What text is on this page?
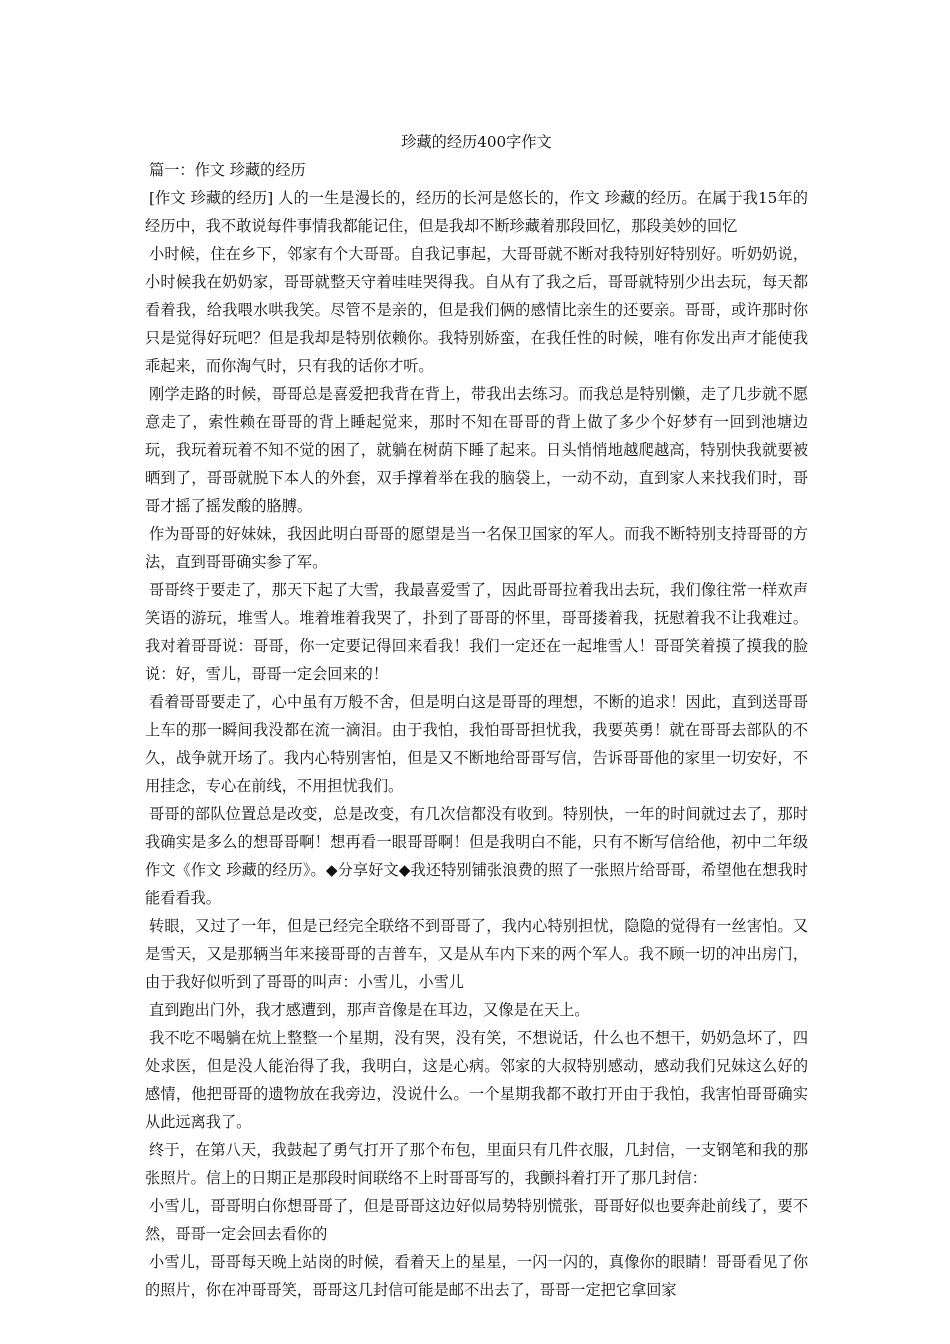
珍藏的经历400字作文

篇一：作文 珍藏的经历

[作文 珍藏的经历] 人的一生是漫长的，经历的长河是悠长的，作文 珍藏的经历。在属于我15年的经历中，我不敢说每件事情我都能记住，但是我却不断珍藏着那段回忆，那段美妙的回忆

小时候，住在乡下，邻家有个大哥哥。自我记事起，大哥哥就不断对我特别好特别好。听奶奶说，小时候我在奶奶家，哥哥就整天守着哇哇哭得我。自从有了我之后，哥哥就特别少出去玩，每天都看着我，给我喂水哄我笑。尽管不是亲的，但是我们俩的感情比亲生的还要亲。哥哥，或许那时你只是觉得好玩吧？但是我却是特别依赖你。我特别娇蛮，在我任性的时候，唯有你发出声才能使我乖起来，而你淘气时，只有我的话你才听。

刚学走路的时候，哥哥总是喜爱把我背在背上，带我出去练习。而我总是特别懒，走了几步就不愿意走了，索性赖在哥哥的背上睡起觉来，那时不知在哥哥的背上做了多少个好梦有一回到池塘边玩，我玩着玩着不知不觉的困了，就躺在树荫下睡了起来。日头悄悄地越爬越高，特别快我就要被晒到了，哥哥就脱下本人的外套，双手撑着举在我的脑袋上，一动不动，直到家人来找我们时，哥哥才摇了摇发酸的胳膊。

作为哥哥的好妹妹，我因此明白哥哥的愿望是当一名保卫国家的军人。而我不断特别支持哥哥的方法，直到哥哥确实参了军。

哥哥终于要走了，那天下起了大雪，我最喜爱雪了，因此哥哥拉着我出去玩，我们像往常一样欢声笑语的游玩，堆雪人。堆着堆着我哭了，扑到了哥哥的怀里，哥哥搂着我，抚慰着我不让我难过。我对着哥哥说：哥哥，你一定要记得回来看我！我们一定还在一起堆雪人！哥哥笑着摸了摸我的脸说：好，雪儿，哥哥一定会回来的！

看着哥哥要走了，心中虽有万般不舍，但是明白这是哥哥的理想，不断的追求！因此，直到送哥哥上车的那一瞬间我没都在流一滴泪。由于我怕，我怕哥哥担忧我，我要英勇！就在哥哥去部队的不久，战争就开场了。我内心特别害怕，但是又不断地给哥哥写信，告诉哥哥他的家里一切安好，不用挂念，专心在前线，不用担忧我们。

哥哥的部队位置总是改变，总是改变，有几次信都没有收到。特别快，一年的时间就过去了，那时我确实是多么的想哥哥啊！想再看一眼哥哥啊！但是我明白不能，只有不断写信给他，初中二年级作文《作文 珍藏的经历》。◆分享好文◆我还特别铺张浪费的照了一张照片给哥哥，希望他在想我时能看看我。

转眼，又过了一年，但是已经完全联络不到哥哥了，我内心特别担忧，隐隐的觉得有一丝害怕。又是雪天，又是那辆当年来接哥哥的吉普车，又是从车内下来的两个军人。我不顾一切的冲出房门，由于我好似听到了哥哥的叫声：小雪儿，小雪儿

直到跑出门外，我才感遭到，那声音像是在耳边，又像是在天上。

我不吃不喝躺在炕上整整一个星期，没有哭，没有笑，不想说话，什么也不想干，奶奶急坏了，四处求医，但是没人能治得了我，我明白，这是心病。邻家的大叔特别感动，感动我们兄妹这么好的感情，他把哥哥的遗物放在我旁边，没说什么。一个星期我都不敢打开由于我怕，我害怕哥哥确实从此远离我了。

终于，在第八天，我鼓起了勇气打开了那个布包，里面只有几件衣服，几封信，一支钢笔和我的那张照片。信上的日期正是那段时间联络不上时哥哥写的，我颤抖着打开了那几封信：

小雪儿，哥哥明白你想哥哥了，但是哥哥这边好似局势特别慌张，哥哥好似也要奔赴前线了，要不然，哥哥一定会回去看你的

小雪儿，哥哥每天晚上站岗的时候，看着天上的星星，一闪一闪的，真像你的眼睛！哥哥看见了你的照片，你在冲哥哥笑，哥哥这几封信可能是邮不出去了，哥哥一定把它拿回家
